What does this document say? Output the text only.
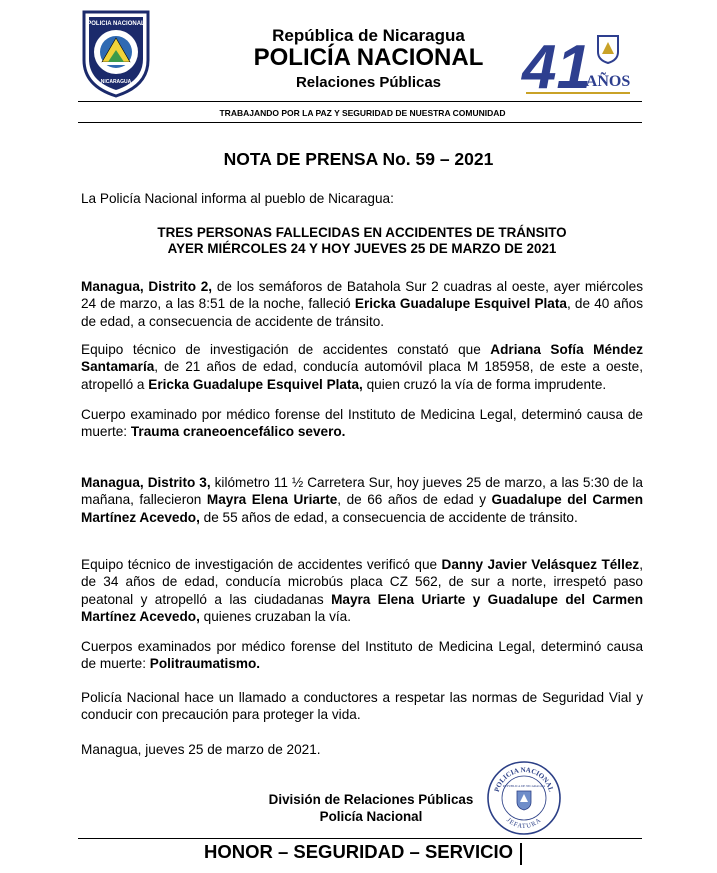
POLICIA NACIONAL
NICARAGUA
República de Nicaragua
POLICÍA NACIONAL
Relaciones Públicas	41
AÑOS
TRABAJANDO POR LA PAZ Y SEGURIDAD DE NUESTRA COMUNIDAD
NOTA DE PRENSA No. 59 – 2021
La Policía Nacional informa al pueblo de Nicaragua:
TRES PERSONAS FALLECIDAS EN ACCIDENTES DE TRÁNSITO
AYER MIÉRCOLES 24 Y HOY JUEVES 25 DE MARZO DE 2021
Managua, Distrito 2, de los semáforos de Batahola Sur 2 cuadras al oeste, ayer miércoles 24 de marzo, a las 8:51 de la noche, falleció Ericka Guadalupe Esquivel Plata, de 40 años de edad, a consecuencia de accidente de tránsito.
Equipo técnico de investigación de accidentes constató que Adriana Sofía Méndez Santamaría, de 21 años de edad, conducía automóvil placa M 185958, de este a oeste, atropelló a Ericka Guadalupe Esquivel Plata, quien cruzó la vía de forma imprudente.
Cuerpo examinado por médico forense del Instituto de Medicina Legal, determinó causa de muerte: Trauma craneoencefálico severo.
Managua, Distrito 3, kilómetro 11 ½ Carretera Sur, hoy jueves 25 de marzo, a las 5:30 de la mañana, fallecieron Mayra Elena Uriarte, de 66 años de edad y Guadalupe del Carmen Martínez Acevedo, de 55 años de edad, a consecuencia de accidente de tránsito.
Equipo técnico de investigación de accidentes verificó que Danny Javier Velásquez Téllez, de 34 años de edad, conducía microbús placa CZ 562, de sur a norte, irrespetó paso peatonal y atropelló a las ciudadanas Mayra Elena Uriarte y Guadalupe del Carmen Martínez Acevedo, quienes cruzaban la vía.
Cuerpos examinados por médico forense del Instituto de Medicina Legal, determinó causa de muerte: Politraumatismo.
Policía Nacional hace un llamado a conductores a respetar las normas de Seguridad Vial y conducir con precaución para proteger la vida.
Managua, jueves 25 de marzo de 2021.
División de Relaciones Públicas
Policía Nacional
POLICIA NACIONAL
REPUBLICA DE NICARAGUA
JEFATURA
HONOR – SEGURIDAD – SERVICIO
